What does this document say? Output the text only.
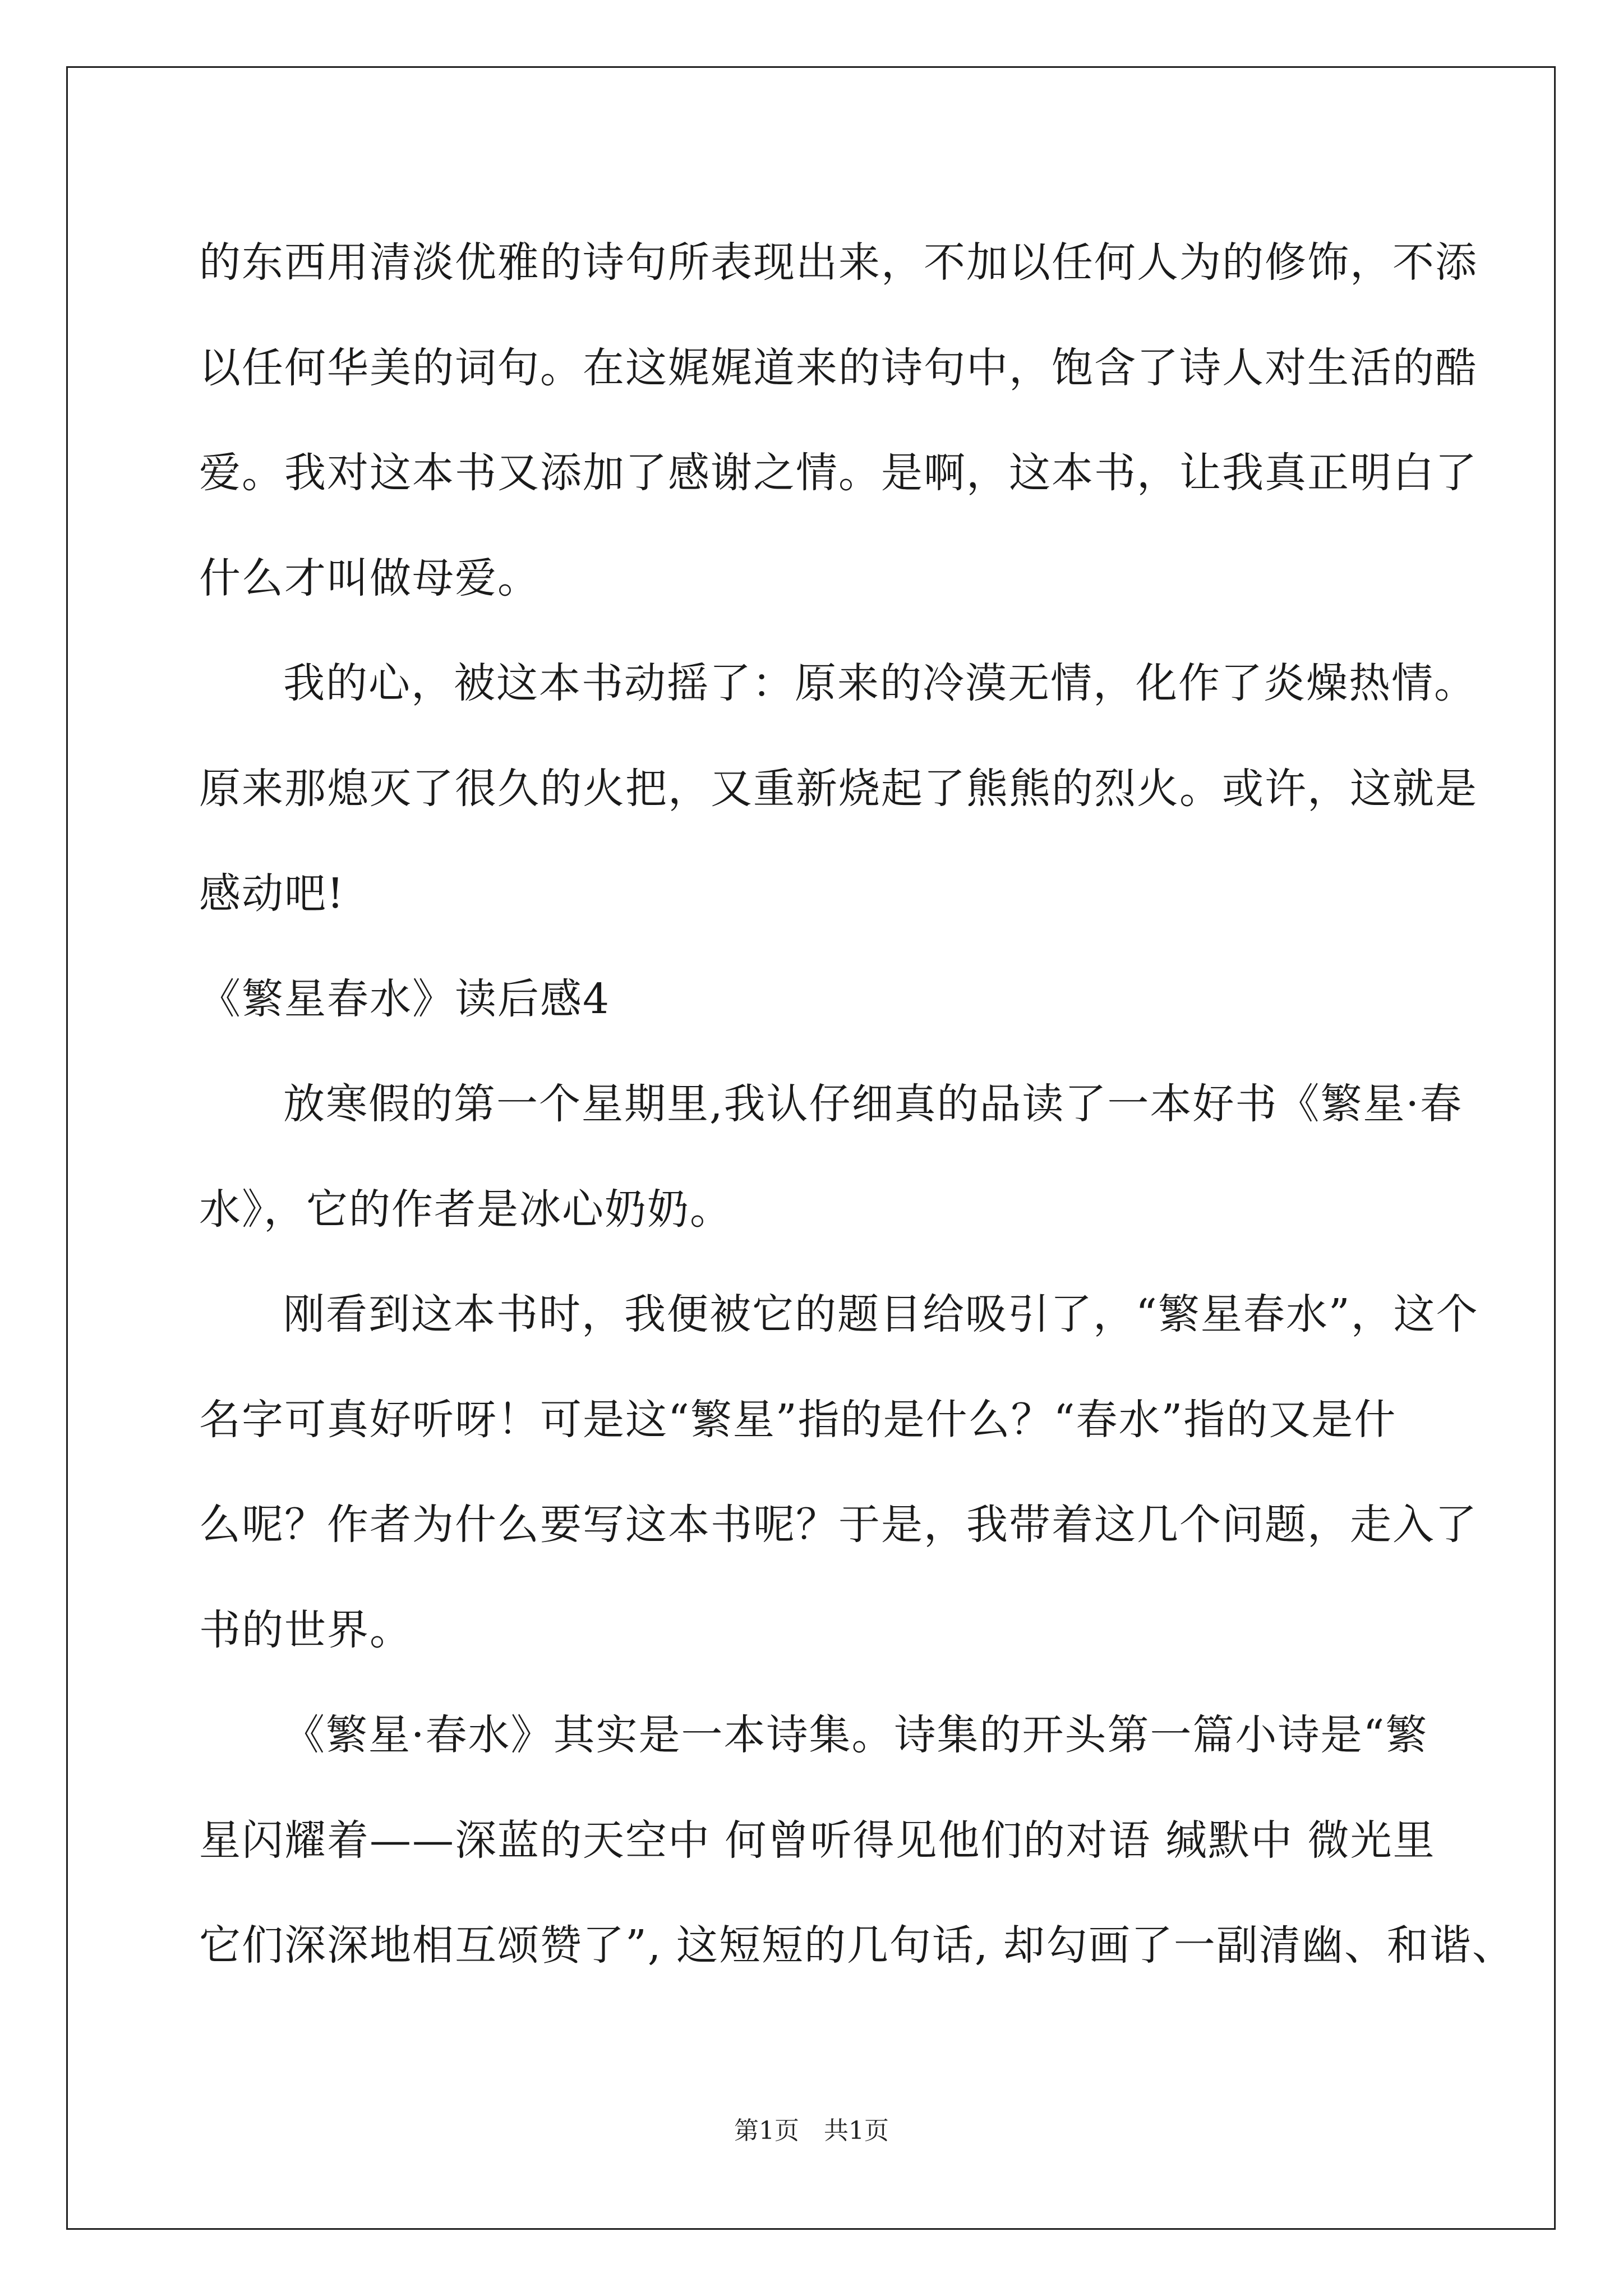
的东西用清淡优雅的诗句所表现出来，不加以任何人为的修饰，不添
以任何华美的词句。在这娓娓道来的诗句中，饱含了诗人对生活的酷
爱。我对这本书又添加了感谢之情。是啊，这本书，让我真正明白了
什么才叫做母爱。
我的心，被这本书动摇了：原来的冷漠无情，化作了炎燥热情。
原来那熄灭了很久的火把，又重新烧起了熊熊的烈火。或许，这就是
感动吧!
《繁星春水》读后感4
放寒假的第一个星期里,我认仔细真的品读了一本好书《繁星·春
水》，它的作者是冰心奶奶。
刚看到这本书时，我便被它的题目给吸引了，“繁星春水”，这个
名字可真好听呀！可是这“繁星”指的是什么？“春水”指的又是什
么呢？作者为什么要写这本书呢？于是，我带着这几个问题，走入了
书的世界。
《繁星·春水》其实是一本诗集。诗集的开头第一篇小诗是“繁
星闪耀着——深蓝的天空中 何曾听得见他们的对语 缄默中 微光里
它们深深地相互颂赞了”, 这短短的几句话, 却勾画了一副清幽、和谐、
第1页 共1页
